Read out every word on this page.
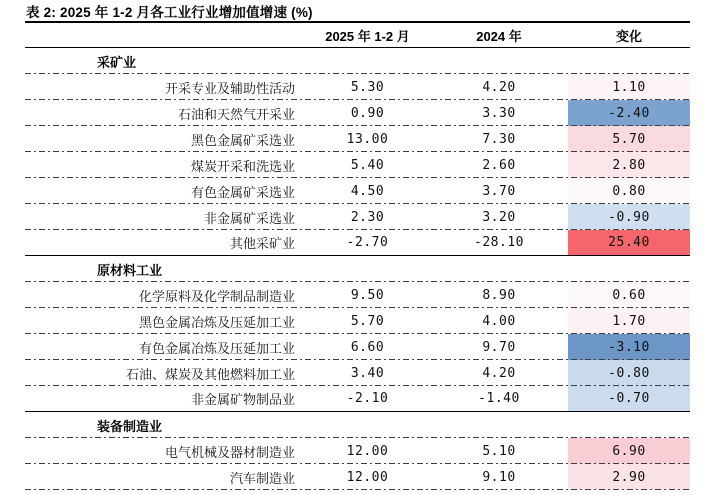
表 2: 2025 年 1-2 月各工业行业增加值增速 (%)
2025 年 1-2 月	2024 年	变化
采矿业
开采专业及辅助性活动	5.30	4.20	1.10
石油和天然气开采业	0.90	3.30	-2.40
黑色金属矿采选业	13.00	7.30	5.70
煤炭开采和洗选业	5.40	2.60	2.80
有色金属矿采选业	4.50	3.70	0.80
非金属矿采选业	2.30	3.20	-0.90
其他采矿业	-2.70	-28.10	25.40
原材料工业
化学原料及化学制品制造业	9.50	8.90	0.60
黑色金属冶炼及压延加工业	5.70	4.00	1.70
有色金属冶炼及压延加工业	6.60	9.70	-3.10
石油、煤炭及其他燃料加工业	3.40	4.20	-0.80
非金属矿物制品业	-2.10	-1.40	-0.70
装备制造业
电气机械及器材制造业	12.00	5.10	6.90
汽车制造业	12.00	9.10	2.90
